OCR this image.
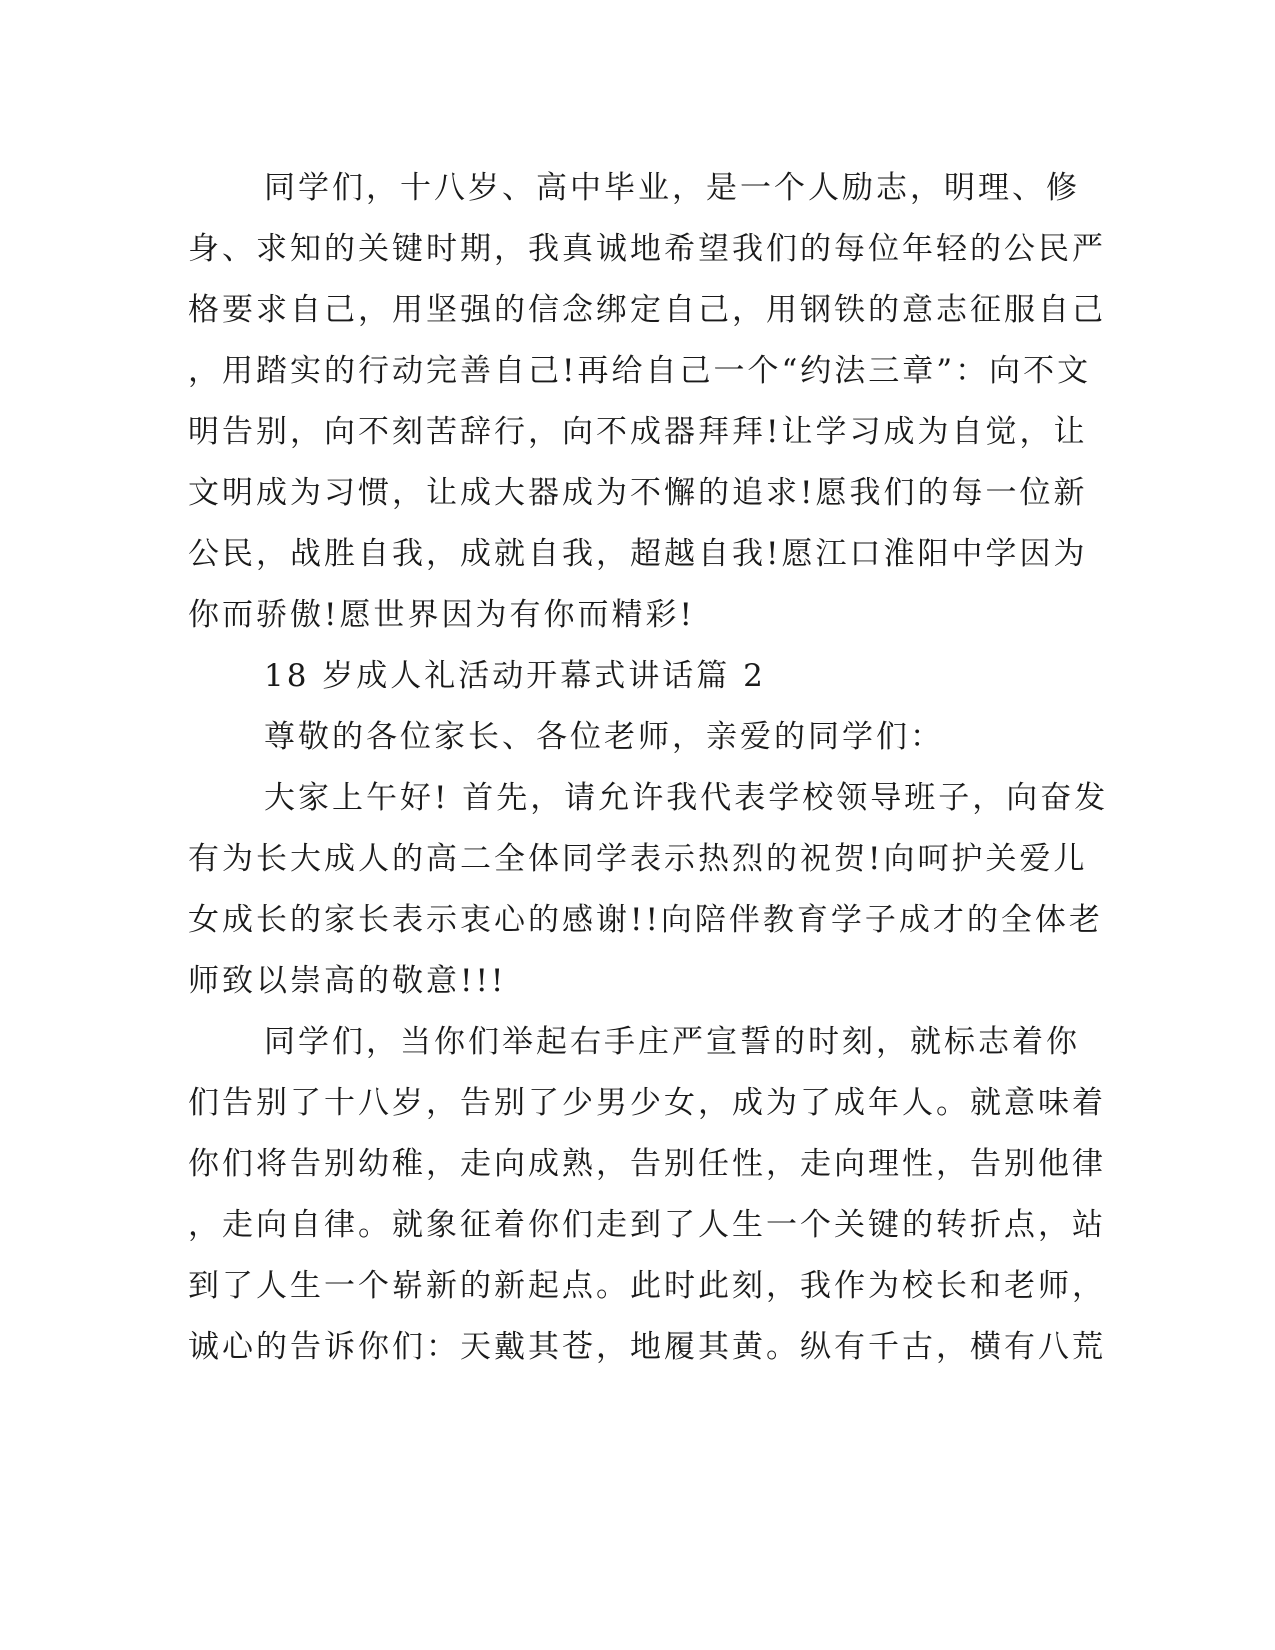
同学们，十八岁、高中毕业，是一个人励志，明理、修
身、求知的关键时期，我真诚地希望我们的每位年轻的公民严
格要求自己，用坚强的信念绑定自己，用钢铁的意志征服自己
，用踏实的行动完善自己!再给自己一个“约法三章”：向不文
明告别，向不刻苦辞行，向不成器拜拜!让学习成为自觉，让
文明成为习惯，让成大器成为不懈的追求!愿我们的每一位新
公民，战胜自我，成就自我，超越自我!愿江口淮阳中学因为
你而骄傲!愿世界因为有你而精彩!
18 岁成人礼活动开幕式讲话篇 2
尊敬的各位家长、各位老师，亲爱的同学们：
大家上午好! 首先，请允许我代表学校领导班子，向奋发
有为长大成人的高二全体同学表示热烈的祝贺!向呵护关爱儿
女成长的家长表示衷心的感谢!!向陪伴教育学子成才的全体老
师致以崇高的敬意!!!
同学们，当你们举起右手庄严宣誓的时刻，就标志着你
们告别了十八岁，告别了少男少女，成为了成年人。就意味着
你们将告别幼稚，走向成熟，告别任性，走向理性，告别他律
，走向自律。就象征着你们走到了人生一个关键的转折点，站
到了人生一个崭新的新起点。此时此刻，我作为校长和老师，
诚心的告诉你们：天戴其苍，地履其黄。纵有千古，横有八荒
